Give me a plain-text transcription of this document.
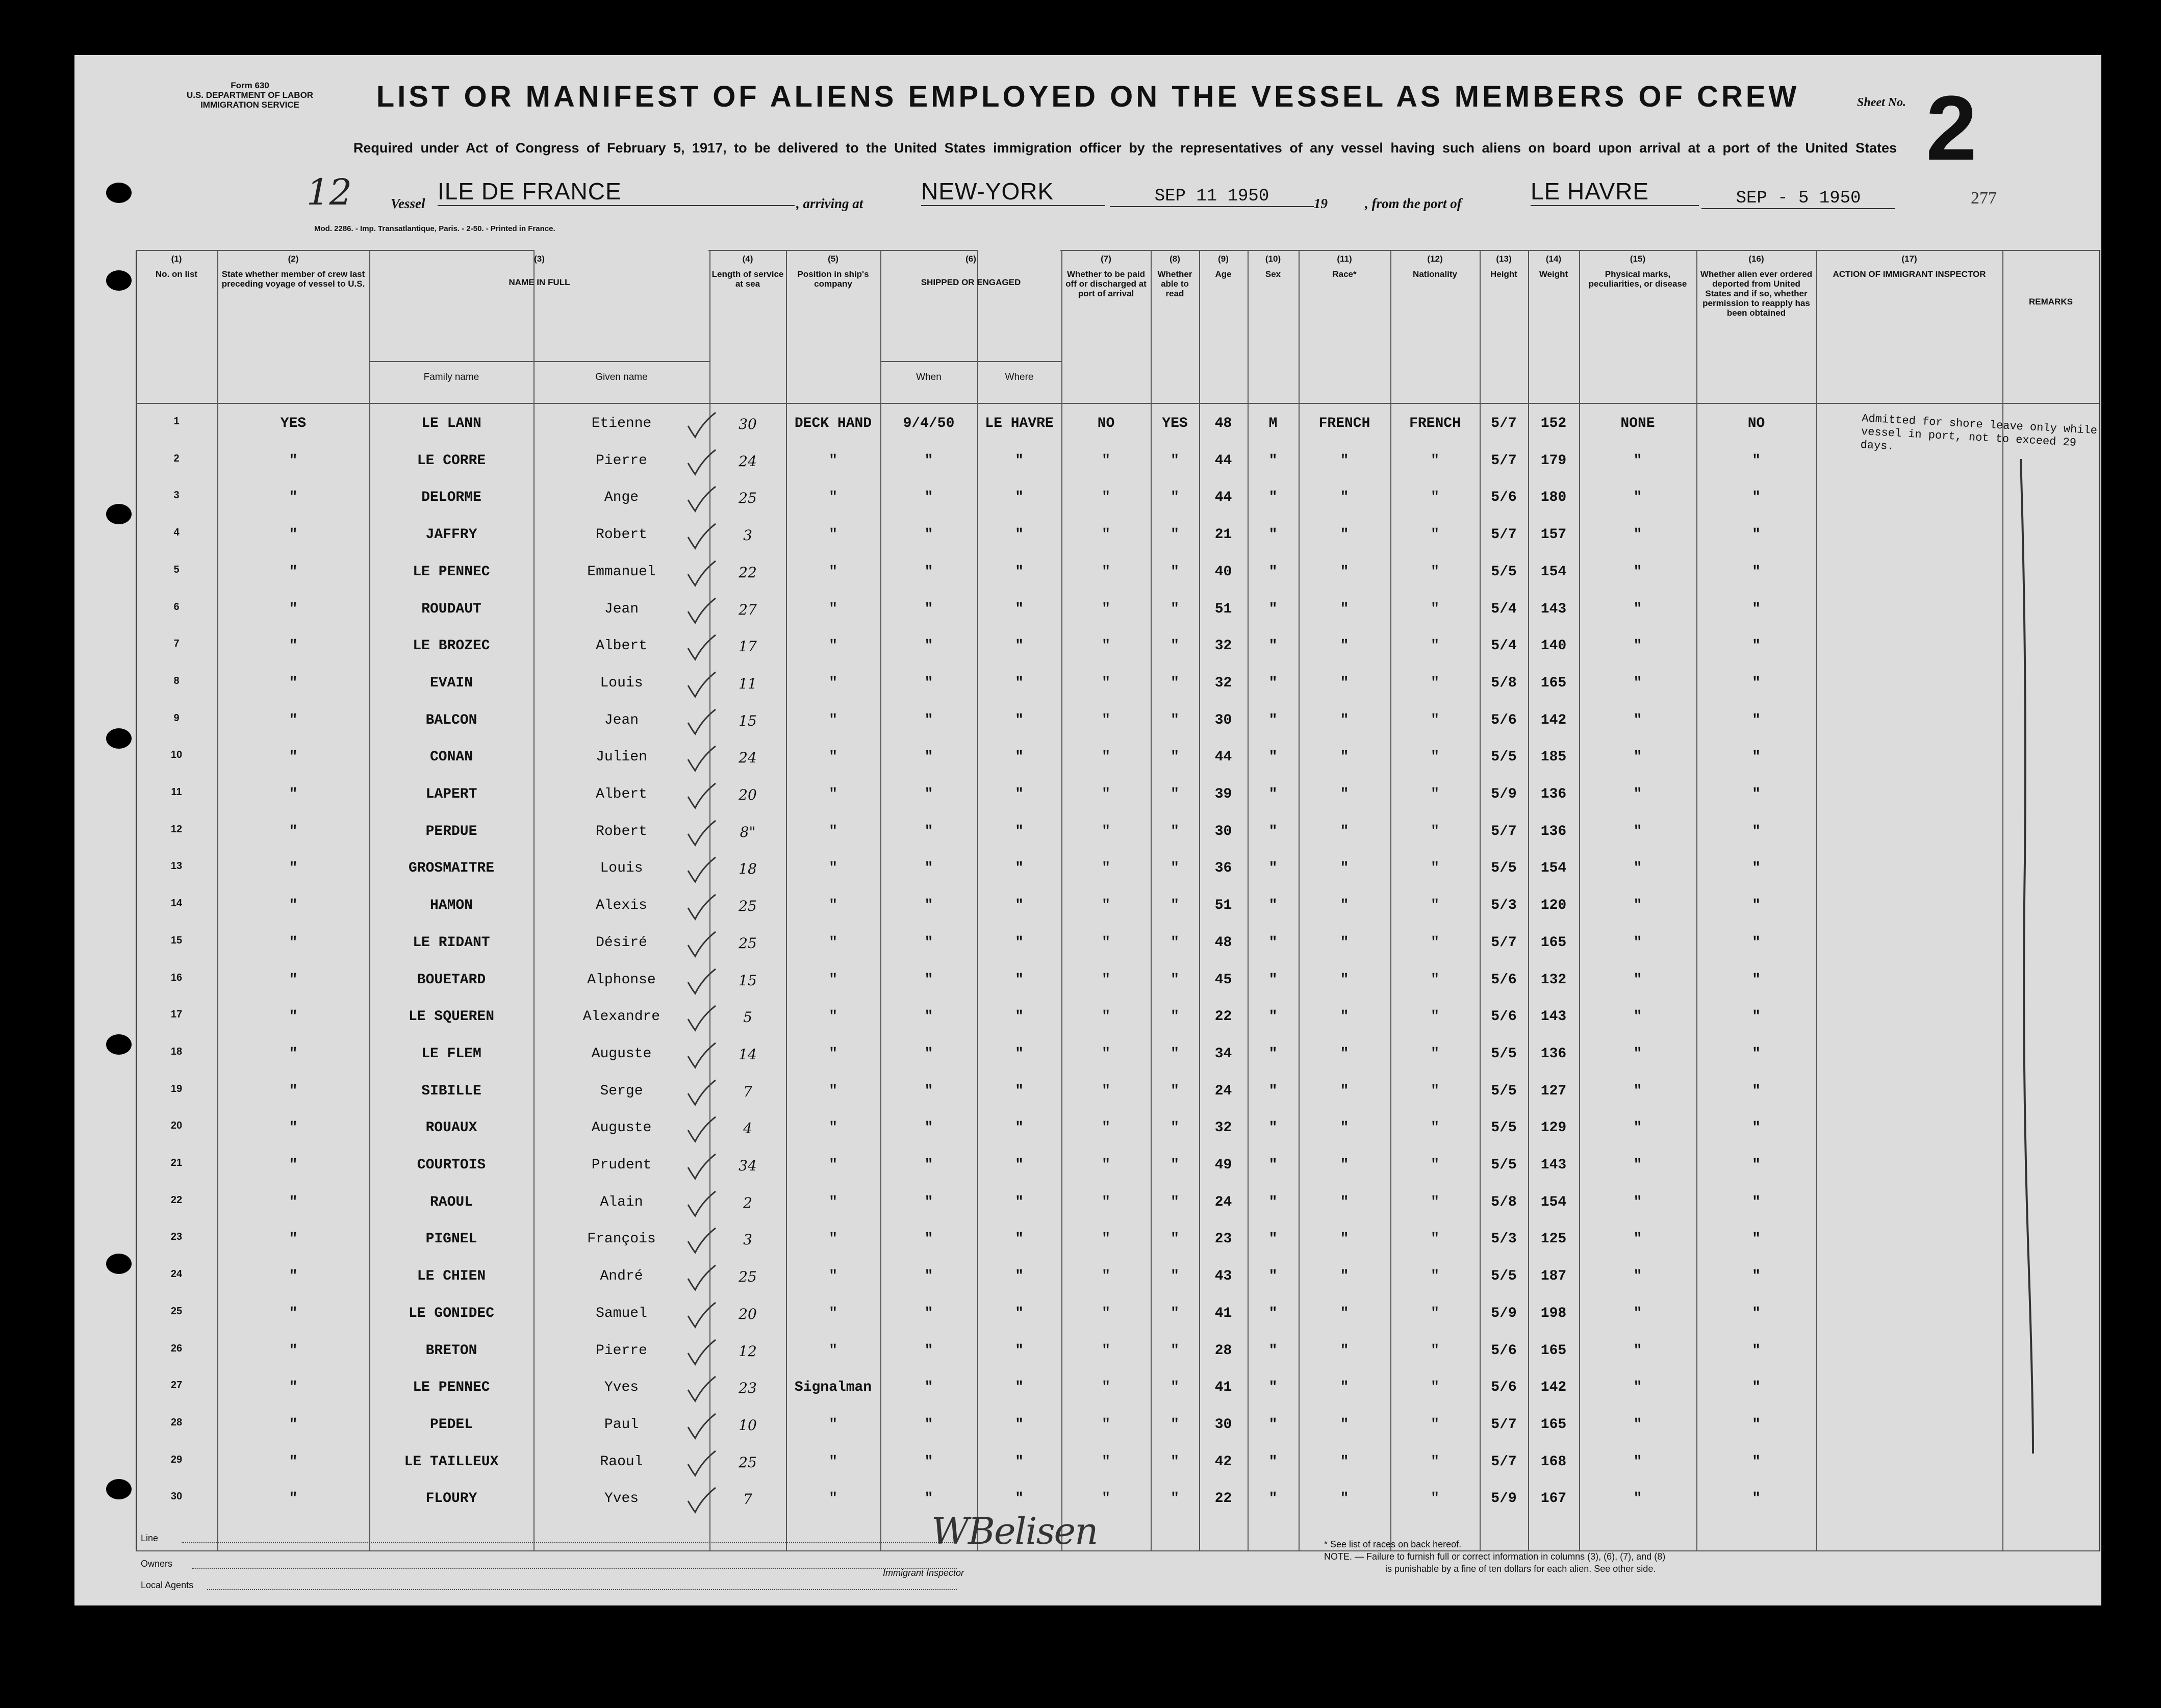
Form 630
U.S. DEPARTMENT OF LABOR
IMMIGRATION SERVICE	LIST OR MANIFEST OF ALIENS EMPLOYED ON THE VESSEL AS MEMBERS OF CREW	Sheet No. 2
277
Required under Act of Congress of February 5, 1917, to be delivered to the United States immigration officer by the representatives of any vessel having such aliens on board upon arrival at a port of the United States
12	Vessel ILE DE FRANCE	, arriving at NEW-YORK	SEP 11 1950	19	, from the port of	LE HAVRE	SEP - 5 1950
Mod. 2286. - Imp. Transatlantique, Paris. - 2-50. - Printed in France.
(1)
No. on list
(2)
State whether member of crew last preceding voyage of vessel to U.S.
(3)
NAME IN FULL
(4)
Length of service at sea
(5)
Position in ship's company
(6)
SHIPPED OR ENGAGED
(7)
Whether to be paid off or discharged at port of arrival
(8)
Whether able to read
(9)
Age
(10)
Sex
(11)
Race*
(12)
Nationality
(13)
Height
(14)
Weight
(15)
Physical marks, peculiarities, or disease
(16)
Whether alien ever ordered deported from United States and if so, whether permission to reapply has been obtained
(17)
ACTION OF IMMIGRANT INSPECTOR
Family name	Given name	When	Where
REMARKS
1	YES	LE LANN	Etienne	30	DECK HAND	9/4/50	LE HAVRE	NO	YES	48	M	FRENCH	FRENCH	5/7	152	NONE	NO
2	"	LE CORRE	Pierre	24	"	"	"	"	"	44	"	"	"	5/7	179	"	"
3	"	DELORME	Ange	25	"	"	"	"	"	44	"	"	"	5/6	180	"	"
4	"	JAFFRY	Robert	3	"	"	"	"	"	21	"	"	"	5/7	157	"	"
5	"	LE PENNEC	Emmanuel	22	"	"	"	"	"	40	"	"	"	5/5	154	"	"
6	"	ROUDAUT	Jean	27	"	"	"	"	"	51	"	"	"	5/4	143	"	"
7	"	LE BROZEC	Albert	17	"	"	"	"	"	32	"	"	"	5/4	140	"	"
8	"	EVAIN	Louis	11	"	"	"	"	"	32	"	"	"	5/8	165	"	"
9	"	BALCON	Jean	15	"	"	"	"	"	30	"	"	"	5/6	142	"	"
10	"	CONAN	Julien	24	"	"	"	"	"	44	"	"	"	5/5	185	"	"
11	"	LAPERT	Albert	20	"	"	"	"	"	39	"	"	"	5/9	136	"	"
12	"	PERDUE	Robert	8"	"	"	"	"	"	30	"	"	"	5/7	136	"	"
13	"	GROSMAITRE	Louis	18	"	"	"	"	"	36	"	"	"	5/5	154	"	"
14	"	HAMON	Alexis	25	"	"	"	"	"	51	"	"	"	5/3	120	"	"
15	"	LE RIDANT	Désiré	25	"	"	"	"	"	48	"	"	"	5/7	165	"	"
16	"	BOUETARD	Alphonse	15	"	"	"	"	"	45	"	"	"	5/6	132	"	"
17	"	LE SQUEREN	Alexandre	5	"	"	"	"	"	22	"	"	"	5/6	143	"	"
18	"	LE FLEM	Auguste	14	"	"	"	"	"	34	"	"	"	5/5	136	"	"
19	"	SIBILLE	Serge	7	"	"	"	"	"	24	"	"	"	5/5	127	"	"
20	"	ROUAUX	Auguste	4	"	"	"	"	"	32	"	"	"	5/5	129	"	"
21	"	COURTOIS	Prudent	34	"	"	"	"	"	49	"	"	"	5/5	143	"	"
22	"	RAOUL	Alain	2	"	"	"	"	"	24	"	"	"	5/8	154	"	"
23	"	PIGNEL	François	3	"	"	"	"	"	23	"	"	"	5/3	125	"	"
24	"	LE CHIEN	André	25	"	"	"	"	"	43	"	"	"	5/5	187	"	"
25	"	LE GONIDEC	Samuel	20	"	"	"	"	"	41	"	"	"	5/9	198	"	"
26	"	BRETON	Pierre	12	"	"	"	"	"	28	"	"	"	5/6	165	"	"
27	"	LE PENNEC	Yves	23	Signalman	"	"	"	"	41	"	"	"	5/6	142	"	"
28	"	PEDEL	Paul	10	"	"	"	"	"	30	"	"	"	5/7	165	"	"
29	"	LE TAILLEUX	Raoul	25	"	"	"	"	"	42	"	"	"	5/7	168	"	"
30	"	FLOURY	Yves	7	"	"	"	"	"	22	"	"	"	5/9	167	"	"
Admitted for shore leave only while vessel in port, not to exceed 29 days.
Line
Owners
Local Agents
WBelisen
Immigrant Inspector
* See list of races on back hereof.
NOTE. — Failure to furnish full or correct information in columns (3), (6), (7), and (8)
is punishable by a fine of ten dollars for each alien. See other side.
